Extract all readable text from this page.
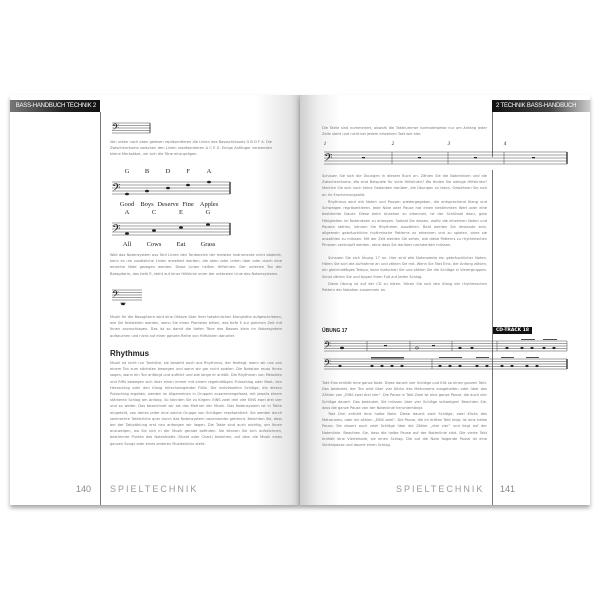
BASS-HANDBUCH TECHNIK 2
𝄢
Von unten nach oben gelesen repräsentieren die Linien des Bassschlüssels G B D F A. Die Zwischenräume zwischen den Linien repräsentieren A C E G. Einige Anfänger verwenden kleine Merksätze, um sich die Töne einzuprägen.
𝄢
G	B	D	F	A
Good Boys Deserve Fine Apples
𝄢
A	C	E	G
All	Cows	Eat	Grass
Weil das Notensystem aus fünf Linien den Tonbereich der meisten Instrumente nicht abdeckt, kann es um zusätzliche Linien erweitert werden, die oben oder unten über oder durch eine einzelne Note gezogen werden. Diese Linien heißen Hilfslinien. Der unterste Ton der Bassgitarre, das tiefe E, steht auf einer Hilfslinie unter der untersten Linie des Notensystems.
𝄢
Musik für die Bassgitarre wird eine Oktave über ihrer tatsächlichen Klanghöhe aufgeschrieben, wie Sie feststellen werden, wenn Sie einen Pianisten bitten, das tiefe E zur gleichen Zeit mit Ihnen anzuschlagen. Das ist so damit die tiefen Töne des Basses klein im Notensystem auftauchen und nicht auf einer ganzen Reihe von Hilfslinien darunter.
Rhythmus
Musik ist nicht nur Tonhöhe, sie besteht auch aus Rhythmus, der festlegt, wann wir uns von einem Ton zum nächsten bewegen und wann wir gar nicht spielen. Die Notation muss Ihnen sagen, wann ein Ton anfängt und aufhört und wie lange er anhält. Die Rhythmen von Melodien und Riffs bewegen sich über einen immer mit einem regelmäßigen Pulsschlag oder Beat, den Herzschlag oder den Klang mitschwingender Füße. Die individuellen Schläge, die diesen Pulsschlag ergeben, werden im Allgemeinen in Gruppen zusammengefasst, mit jeweils einem stärkeren Schlag am Anfang. So könnten Sie zu Kirgen: EINS zwei drei vier EINS zwei drei vier und so weiter. Das bezeichnet wir als das Metrum der Musik. Das Notensystem ist in Takte eingeteilt, von denen jeder eine solche Gruppe von Schlägen repräsentiert. Sie werden durch senkrechte Taktstriche quer durch das Notensystem voneinander getrennt. Beachten Sie, dass bei der Taktzählung erst neu anfangen wir liegen. Die Takte sind auch wichtig, um Ihnen anzuzeigen, wo Sie sich in der Musik gerade befinden. Sie können Sie sich aufzeichnen, bestimmte Punkte des Notenblatts (Sheet oder Chart) beziehen, auf dem die Musik eines ganzen Songs oder eines anderen Musikstücks steht.
140 SPIELTECHNIK
2 TECHNIK BASS-HANDBUCH
Die Takte sind nummeriert, obwohl die Taktnummer normalerweise nur am Anfang jeder Zeile steht und nicht bei jedem einzelnen Takt wie hier.
𝄢
1	2	3	4
Schauen Sie sich die Übungen in diesem Buch an. Zählen Sie die Notenlinien und die Zwischenräume. Wo sind Beispiele für viele Hilfslinien? Wo finden Sie wenige Hilfslinien? Machen Sie sich noch keine Gedanken darüber, die Übungen zu lesen. Gewöhnen Sie sich an ihr Erscheinungsbild.
Rhythmus wird mit Noten und Pausen wiedergegeben, die entsprechend Klang und Schweigen repräsentieren. Jede Note oder Pause hat einen bestimmten Wert oder eine bestimmte Dauer. Diese beim Ansehen zu erkennen, ist der Schlüssel dazu, gute Fähigkeiten im Notenlesen zu erlangen. Sobald Sie wissen, wofür die einzelnen Noten und Pausen stehen, können Sie Rhythmen auszählen. Bald werden Sie imstande sein, allgemein gebräuchliche rhythmische Patterns zu erkennen und zu spielen, ohne sie auszählen zu müssen. Mit der Zeit werden Sie sehen, wie diese Patterns zu rhythmischen Phrasen verknüpft werden, ohne dass Sie darüber nachdenken müssen.
Schauen Sie sich Übung 17 an. Hier sind alle Notenwerte ein gebräuchlicher Noten. Hören Sie sich die Aufnahme an und zählen Sie mit. Wenn Sie Takt Eins, der Anfang zählen, ein gleichmäßiges Tempo, dann klatschen Sie und zählen Sie die Schläge in Vierergruppen. Sonst zählen Sie und tippen Ihren Fuß auf jeden Schlag.
Diese Übung ist auf der CD zu hören. Hören Sie sich den Klang der rhythmischen Pattern der Notation zusammen an.
ÜBUNG 17	CD-TRACK 18
𝄢
𝄢
Takt Eins enthält eine ganze Note. Diese dauert vier Schläge und Klik so einen ganzen Takt. Das bedeutet, der Ton wird über vier Klicks des Metronoms ausgehalten oder über das Zählen von „EINS zwei drei vier“. Die Pause in Takt Zwei ist eine ganze Pause, die auch vier Schläge dauert. Das bedeutet, Sie müssen über vier Schläge schweigen! Beachten Sie, dass die ganze Pause von der Notenlinie herunterhängt.
Takt Drei enthält eine halbe Note. Diese dauert zwei Schläge, zwei Klicks des Metronoms, oder wir zählen „EINS zwei“. Die Pause, die im dritten Takt folgt, ist eine halbe Pause. Sie dauert auch zwei Schläge über die Zähler „drei vier“ und liegt auf der Notenlinie. Beachten Sie, dass die halbe Pause auf der Notenlinie sitzt. Die vierte Takt enthält eine Viertelnote, sie einen Schlag. Die auf die Note folgende Pause ist eine Viertelpause und dauert einen Schlag.
SPIELTECHNIK 141
